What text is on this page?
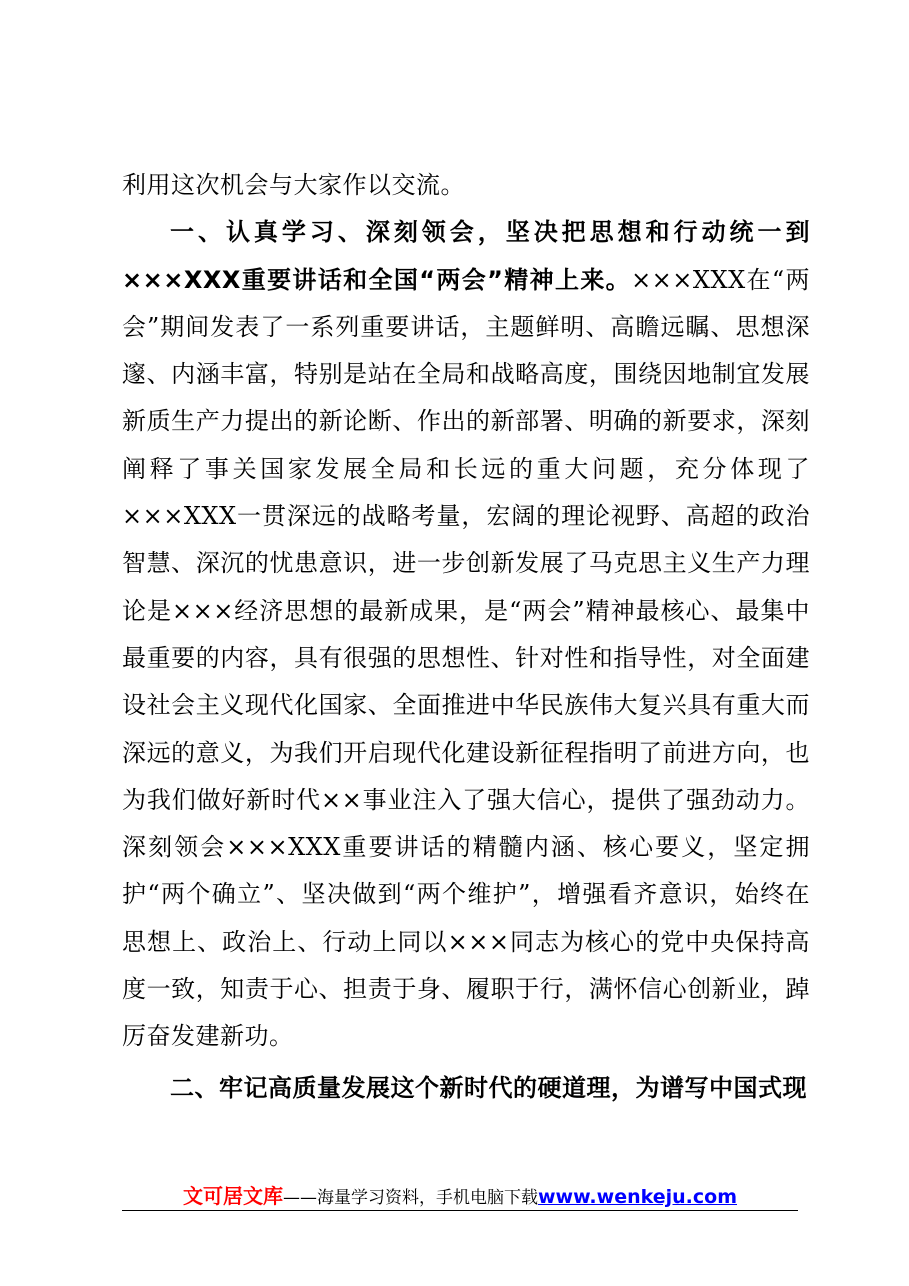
利用这次机会与大家作以交流。

一、认真学习、深刻领会，坚决把思想和行动统一到×××XXX重要讲话和全国“两会”精神上来。×××XXX在“两会”期间发表了一系列重要讲话，主题鲜明、高瞻远瞩、思想深邃、内涵丰富，特别是站在全局和战略高度，围绕因地制宜发展新质生产力提出的新论断、作出的新部署、明确的新要求，深刻阐释了事关国家发展全局和长远的重大问题，充分体现了×××XXX一贯深远的战略考量，宏阔的理论视野、高超的政治智慧、深沉的忧患意识，进一步创新发展了马克思主义生产力理论是×××经济思想的最新成果，是“两会”精神最核心、最集中最重要的内容，具有很强的思想性、针对性和指导性，对全面建设社会主义现代化国家、全面推进中华民族伟大复兴具有重大而深远的意义，为我们开启现代化建设新征程指明了前进方向，也为我们做好新时代××事业注入了强大信心，提供了强劲动力。深刻领会×××XXX重要讲话的精髓内涵、核心要义，坚定拥护“两个确立”、坚决做到“两个维护”，增强看齐意识，始终在思想上、政治上、行动上同以×××同志为核心的党中央保持高度一致，知责于心、担责于身、履职于行，满怀信心创新业，踔厉奋发建新功。

二、牢记高质量发展这个新时代的硬道理，为谱写中国式现

文可居文库——海量学习资料，手机电脑下载www.wenkeju.com
